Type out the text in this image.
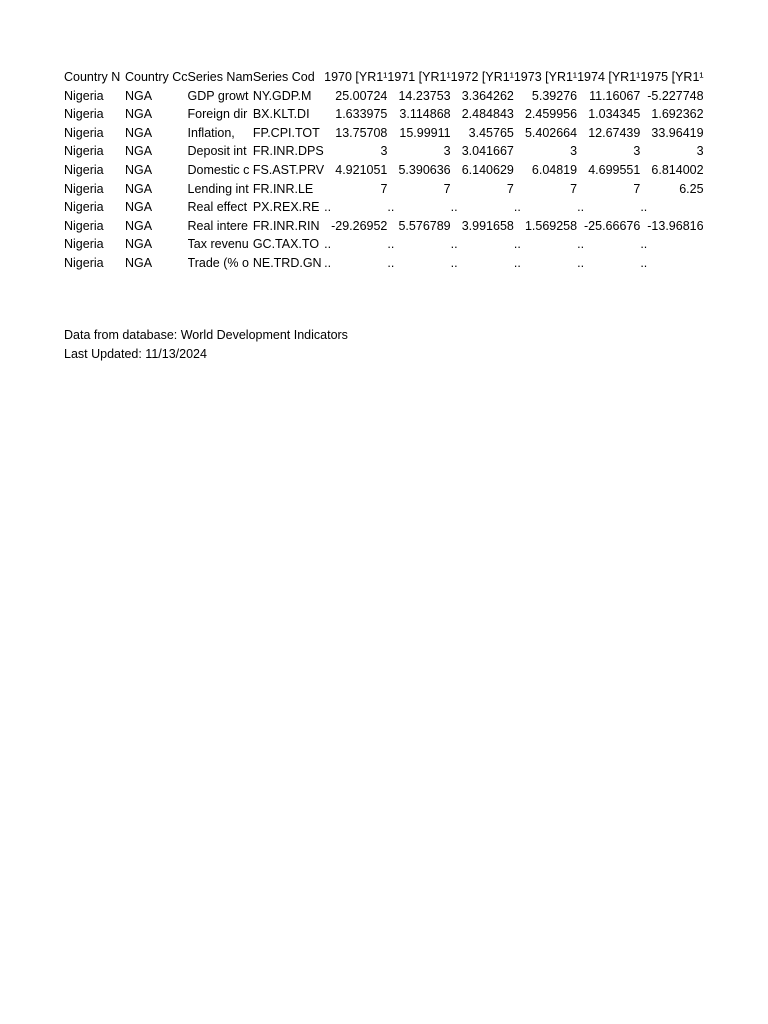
Country N	Country Cc	Series Nam	Series Cod	1970 [YR1¹	1971 [YR1¹	1972 [YR1¹	1973 [YR1¹	1974 [YR1¹	1975 [YR1¹
Nigeria	NGA	GDP growt	NY.GDP.M	25.00724	14.23753	3.364262	5.39276	11.16067	-5.227748
Nigeria	NGA	Foreign dir	BX.KLT.DI	1.633975	3.114868	2.484843	2.459956	1.034345	1.692362
Nigeria	NGA	Inflation,	FP.CPI.TOT	13.75708	15.99911	3.45765	5.402664	12.67439	33.96419
Nigeria	NGA	Deposit int	FR.INR.DPS	3	3	3.041667	3	3	3
Nigeria	NGA	Domestic c	FS.AST.PRV	4.921051	5.390636	6.140629	6.04819	4.699551	6.814002
Nigeria	NGA	Lending int	FR.INR.LE	7	7	7	7	7	6.25
Nigeria	NGA	Real effect	PX.REX.RE	..	..	..	..	..	..
Nigeria	NGA	Real intere	FR.INR.RIN	-29.26952	5.576789	3.991658	1.569258	-25.66676	-13.96816
Nigeria	NGA	Tax revenu	GC.TAX.TO	..	..	..	..	..	..
Nigeria	NGA	Trade (% o	NE.TRD.GN	..	..	..	..	..	..
Data from database: World Development Indicators
Last Updated: 11/13/2024
